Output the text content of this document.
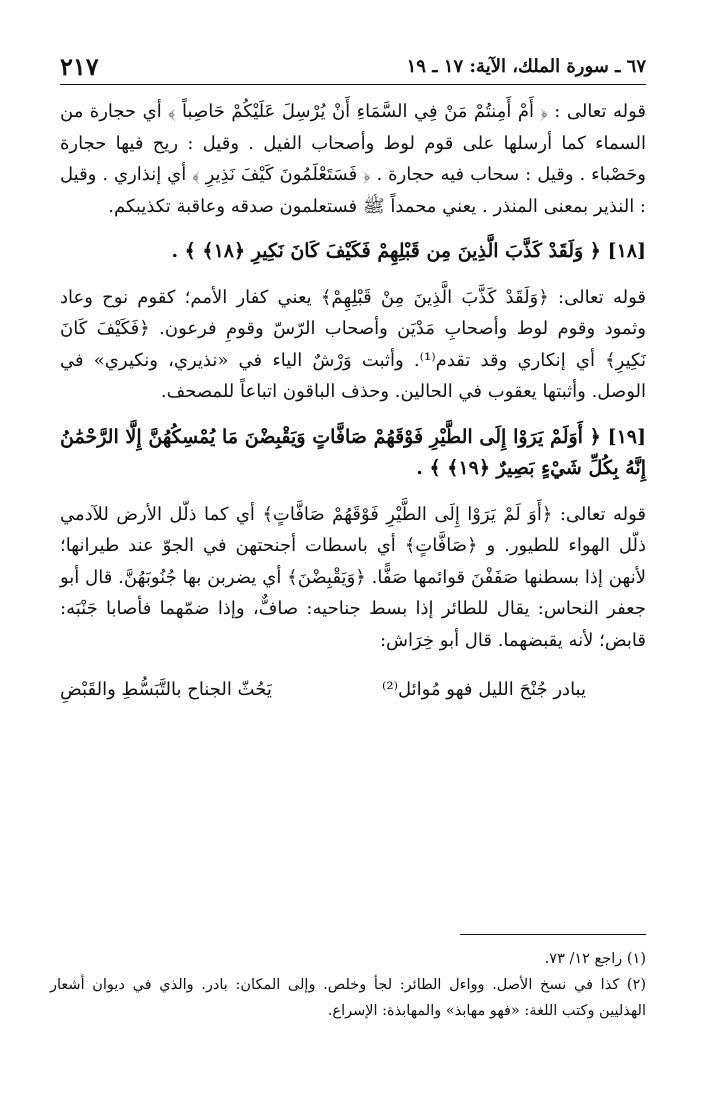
٦٧ ـ سورة الملك، الآية: ١٧ ـ ١٩
٢١٧

قوله تعالى : ﴿ أَمْ أَمِنتُمْ مَنْ فِي السَّمَاءِ أَنْ يُرْسِلَ عَلَيْكُمْ حَاصِباً ﴾ أي حجارة من السماء كما أرسلها على قوم لوط وأصحاب الفيل . وقيل : ريح فيها حجارة وحَصْباء . وقيل : سحاب فيه حجارة . ﴿ فَسَتَعْلَمُونَ كَيْفَ نَذِيرِ ﴾ أي إنذاري . وقيل : النذير بمعنى المنذر . يعني محمداً ﷺ فستعلمون صدقه وعاقبة تكذيبكم.

[١٨] ﴿ وَلَقَدْ كَذَّبَ الَّذِينَ مِن قَبْلِهِمْ فَكَيْفَ كَانَ نَكِيرِ ﴿١٨﴾ ﴾ .

قوله تعالى: ﴿وَلَقَدْ كَذَّبَ الَّذِينَ مِنْ قَبْلِهِمْ﴾ يعني كفار الأمم؛ كقوم نوح وعاد وثمود وقوم لوط وأصحابِ مَدْيَن وأصحاب الرّسّ وقومِ فرعون. ﴿فَكَيْفَ كَانَ نَكِيرِ﴾ أي إنكاري وقد تقدم⁽¹⁾. وأثبت وَرْشٌ الياء في «نذيري، ونكيري» في الوصل. وأثبتها يعقوب في الحالين. وحذف الباقون اتباعاً للمصحف.

[١٩] ﴿ أَوَلَمْ يَرَوْا إِلَى الطَّيْرِ فَوْقَهُمْ صَافَّاتٍ وَيَقْبِضْنَ مَا يُمْسِكُهُنَّ إِلَّا الرَّحْمَٰنُ إِنَّهُ بِكُلِّ شَيْءٍ بَصِيرٌ ﴿١٩﴾ ﴾ .

قوله تعالى: ﴿أَوَ لَمْ يَرَوْا إِلَى الطَّيْرِ فَوْقَهُمْ صَافَّاتٍ﴾ أي كما ذلّل الأرض للآدمي ذلّل الهواء للطيور. و ﴿صَافَّاتٍ﴾ أي باسطات أجنحتهن في الجوّ عند طيرانها؛ لأنهن إذا بسطنها صَفَفْنَ قوائمها صَفًّا. ﴿وَيَقْبِضْنَ﴾ أي يضربن بها جُنُوبَهُنَّ. قال أبو جعفر النحاس: يقال للطائر إذا بسط جناحيه: صافٌّ، وإذا ضمّهما فأصابا جَنْبَه: قابض؛ لأنه يقبضهما. قال أبو خِرَاش:

يبادر جُنْحَ الليل فهو مُوائل⁽²⁾
يَحُثّ الجناح بالتَّبَسُّطِ والقَبْضِ

(١) راجع ١٢/ ٧٣.

(٢) كذا في نسخ الأصل. وواءل الطائر: لجأ وخلص. وإلى المكان: بادر. والذي في ديوان أشعار الهذليين وكتب اللغة: «فهو مهابذ» والمهابذة: الإسراع.
